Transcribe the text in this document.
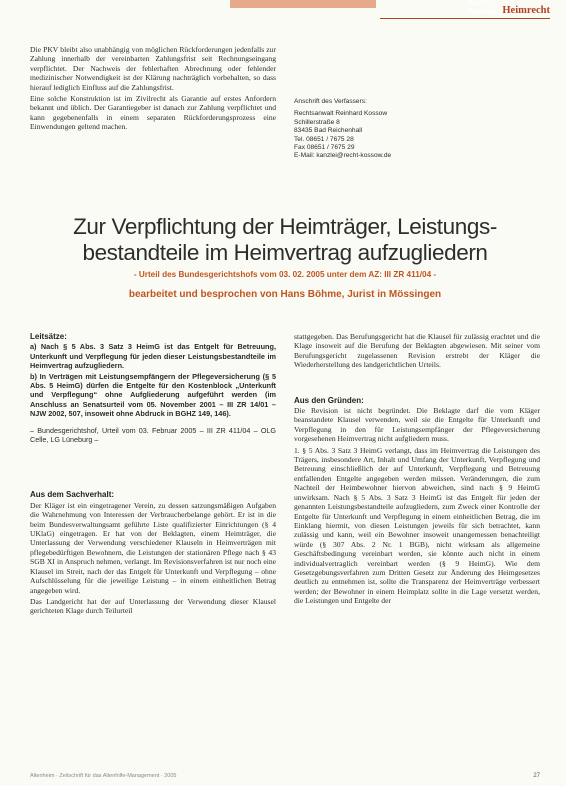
Recht + Regelung Heimrecht

Die PKV bleibt also unabhängig von möglichen Rückforderungen jedenfalls zur Zahlung innerhalb der vereinbarten Zahlungsfrist seit Rechnungseingang verpflichtet. Der Nachweis der fehlerhaften Abrechnung oder fehlender medizinischer Notwendigkeit ist der Klärung nachträglich vorbehalten, so dass hierauf lediglich Einfluss auf die Zahlungsfrist.

Eine solche Konstruktion ist im Zivilrecht als Garantie auf erstes Anfordern bekannt und üblich. Der Garantiegeber ist danach zur Zahlung verpflichtet und kann gegebenenfalls in einem separaten Rückforderungsprozess eine Einwendungen geltend machen.

Anschrift des Verfassers:
Rechtsanwalt Reinhard Kossow
Schillerstraße 8
83435 Bad Reichenhall
Tel. 08651 / 7675 28
Fax 08651 / 7675 29
E-Mail: kanzlei@recht-kossow.de
Zur Verpflichtung der Heimträger, Leistungs-
bestandteile im Heimvertrag aufzugliedern
- Urteil des Bundesgerichtshofs vom 03. 02. 2005 unter dem AZ: III ZR 411/04 -
bearbeitet und besprochen von Hans Böhme, Jurist in Mössingen
Leitsätze:

a) Nach § 5 Abs. 3 Satz 3 HeimG ist das Entgelt für Betreuung, Unterkunft und Verpflegung für jeden dieser Leistungsbestandteile im Heimvertrag aufzugliedern.

b) In Verträgen mit Leistungsempfängern der Pflegeversicherung (§ 5 Abs. 5 HeimG) dürfen die Entgelte für den Kostenblock „Unterkunft und Verpflegung“ ohne Aufgliederung aufgeführt werden (im Anschluss an Senatsurteil vom 05. November 2001 – III ZR 14/01 – NJW 2002, 507, insoweit ohne Abdruck in BGHZ 149, 146).

– Bundesgerichtshof, Urteil vom 03. Februar 2005 – III ZR 411/04 – OLG Celle, LG Lüneburg –

Aus dem Sachverhalt:

Der Kläger ist ein eingetragener Verein, zu dessen satzungsmäßigen Aufgaben die Wahrnehmung von Interessen der Verbraucherbelange gehört. Er ist in die beim Bundesverwaltungsamt geführte Liste qualifizierter Einrichtungen (§ 4 UKlaG) eingetragen. Er hat von der Beklagten, einem Heimträger, die Unterlassung der Verwendung verschiedener Klauseln in Heimverträgen mit pflegebedürftigen Bewohnern, die Leistungen der stationären Pflege nach § 43 SGB XI in Anspruch nehmen, verlangt. Im Revisionsverfahren ist nur noch eine Klausel im Streit, nach der das Entgelt für Unterkunft und Verpflegung – ohne Aufschlüsselung für die jeweilige Leistung – in einem einheitlichen Betrag angegeben wird.

Das Landgericht hat der auf Unterlassung der Verwendung dieser Klausel gerichteten Klage durch Teilurteil

stattgegeben. Das Berufungsgericht hat die Klausel für zulässig erachtet und die Klage insoweit auf die Berufung der Beklagten abgewiesen. Mit seiner vom Berufungsgericht zugelassenen Revision erstrebt der Kläger die Wiederherstellung des landgerichtlichen Urteils.

Aus den Gründen:

Die Revision ist nicht begründet. Die Beklagte darf die vom Kläger beanstandete Klausel verwenden, weil sie die Entgelte für Unterkunft und Verpflegung in den für Leistungsempfänger der Pflegeversicherung vorgesehenen Heimvertrag nicht aufgliedern muss.

1. § 5 Abs. 3 Satz 3 HeimG verlangt, dass im Heimvertrag die Leistungen des Trägers, insbesondere Art, Inhalt und Umfang der Unterkunft, Verpflegung und Betreuung einschließlich der auf Unterkunft, Verpflegung und Betreuung entfallenden Entgelte angegeben werden müssen. Veränderungen, die zum Nachteil der Heimbewohner hiervon abweichen, sind nach § 9 HeimG unwirksam. Nach § 5 Abs. 3 Satz 3 HeimG ist das Entgelt für jeden der genannten Leistungsbestandteile aufzugliedern, zum Zweck einer Kontrolle der Entgelte für Unterkunft und Verpflegung in einem einheitlichen Betrag, die im Einklang hiermit, von diesen Leistungen jeweils für sich betrachtet, kann zulässig und kann, weil ein Bewohner insoweit unangemessen benachteiligt würde (§ 307 Abs. 2 Nr. 1 BGB), nicht wirksam als allgemeine Geschäftsbedingung vereinbart werden, sie könnte auch nicht in einem individualvertraglich vereinbart werden (§ 9 HeimG). Wie dem Gesetzgebungsverfahren zum Dritten Gesetz zur Änderung des Heimgesetzes deutlich zu entnehmen ist, sollte die Transparenz der Heimverträge verbessert werden; der Bewohner in einem Heimplatz sollte in die Lage versetzt werden, die Leistungen und Entgelte der

Altenheim · Zeitschrift für das Altenhilfe-Management · 2005	27
